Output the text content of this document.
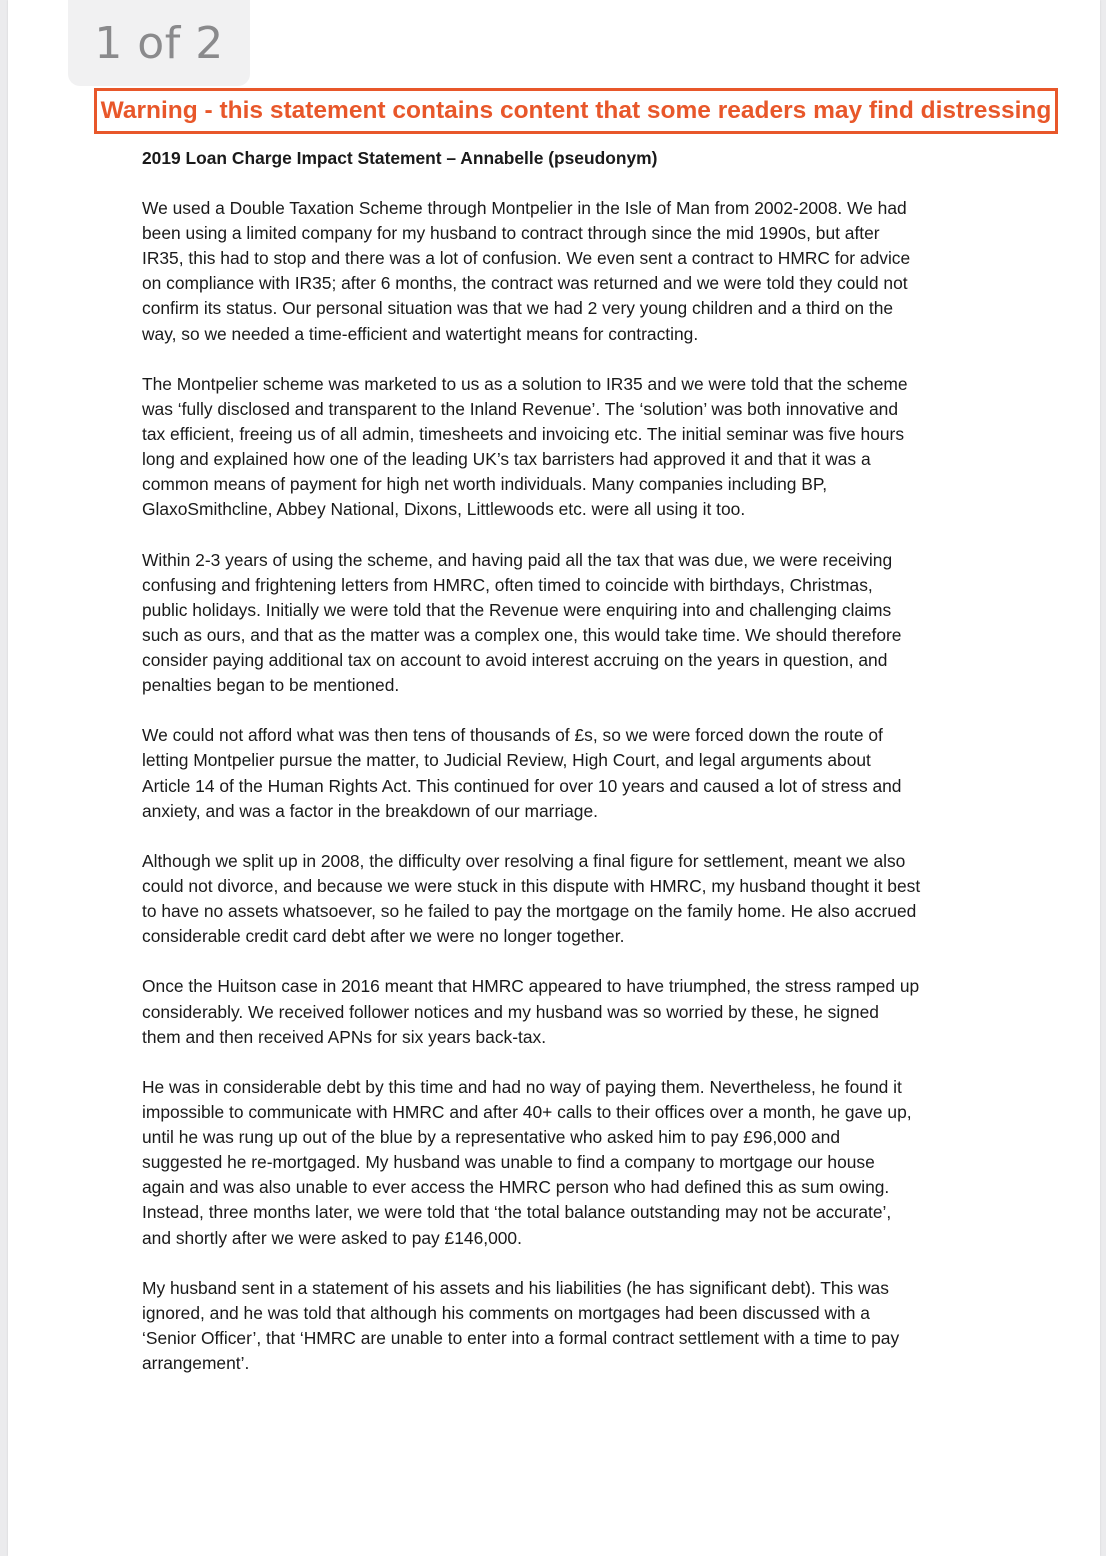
1 of 2
Warning - this statement contains content that some readers may find distressing
2019 Loan Charge Impact Statement – Annabelle (pseudonym)

We used a Double Taxation Scheme through Montpelier in the Isle of Man from 2002-2008. We had
been using a limited company for my husband to contract through since the mid 1990s, but after
IR35, this had to stop and there was a lot of confusion. We even sent a contract to HMRC for advice
on compliance with IR35; after 6 months, the contract was returned and we were told they could not
confirm its status. Our personal situation was that we had 2 very young children and a third on the
way, so we needed a time-efficient and watertight means for contracting.

The Montpelier scheme was marketed to us as a solution to IR35 and we were told that the scheme
was ‘fully disclosed and transparent to the Inland Revenue’. The ‘solution’ was both innovative and
tax efficient, freeing us of all admin, timesheets and invoicing etc. The initial seminar was five hours
long and explained how one of the leading UK’s tax barristers had approved it and that it was a
common means of payment for high net worth individuals. Many companies including BP,
GlaxoSmithcline, Abbey National, Dixons, Littlewoods etc. were all using it too.

Within 2-3 years of using the scheme, and having paid all the tax that was due, we were receiving
confusing and frightening letters from HMRC, often timed to coincide with birthdays, Christmas,
public holidays. Initially we were told that the Revenue were enquiring into and challenging claims
such as ours, and that as the matter was a complex one, this would take time. We should therefore
consider paying additional tax on account to avoid interest accruing on the years in question, and
penalties began to be mentioned.

We could not afford what was then tens of thousands of £s, so we were forced down the route of
letting Montpelier pursue the matter, to Judicial Review, High Court, and legal arguments about
Article 14 of the Human Rights Act. This continued for over 10 years and caused a lot of stress and
anxiety, and was a factor in the breakdown of our marriage.

Although we split up in 2008, the difficulty over resolving a final figure for settlement, meant we also
could not divorce, and because we were stuck in this dispute with HMRC, my husband thought it best
to have no assets whatsoever, so he failed to pay the mortgage on the family home. He also accrued
considerable credit card debt after we were no longer together.

Once the Huitson case in 2016 meant that HMRC appeared to have triumphed, the stress ramped up
considerably. We received follower notices and my husband was so worried by these, he signed
them and then received APNs for six years back-tax.

He was in considerable debt by this time and had no way of paying them. Nevertheless, he found it
impossible to communicate with HMRC and after 40+ calls to their offices over a month, he gave up,
until he was rung up out of the blue by a representative who asked him to pay £96,000 and
suggested he re-mortgaged. My husband was unable to find a company to mortgage our house
again and was also unable to ever access the HMRC person who had defined this as sum owing.
Instead, three months later, we were told that ‘the total balance outstanding may not be accurate’,
and shortly after we were asked to pay £146,000.

My husband sent in a statement of his assets and his liabilities (he has significant debt). This was
ignored, and he was told that although his comments on mortgages had been discussed with a
‘Senior Officer’, that ‘HMRC are unable to enter into a formal contract settlement with a time to pay
arrangement’.
